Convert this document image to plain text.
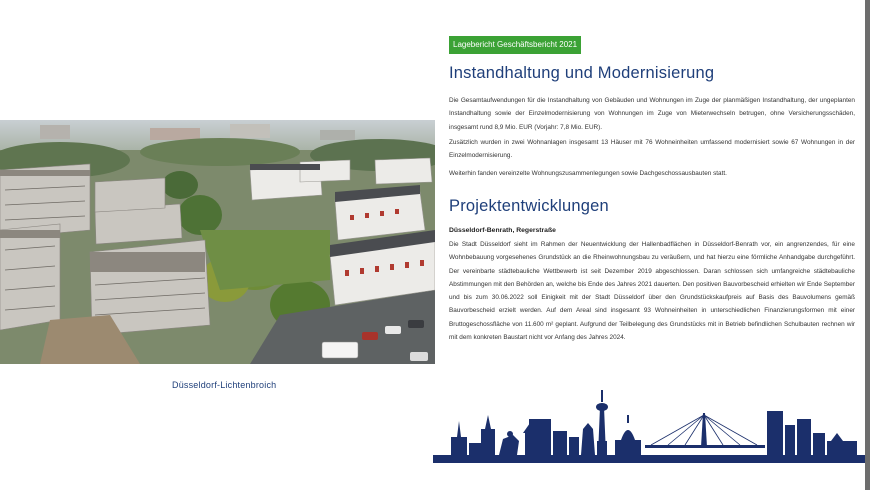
Düsseldorf-Lichtenbroich
Lagebericht Geschäftsbericht 2021
Instandhaltung und Modernisierung

Die Gesamtaufwendungen für die Instandhaltung von Gebäuden und Wohnungen im Zuge der planmäßigen Instandhaltung, der ungeplanten Instandhaltung sowie der Einzelmodernisierung von Wohnungen im Zuge von Mieterwechseln betrugen, ohne Versicherungsschäden, insgesamt rund 8,9 Mio. EUR (Vorjahr: 7,8 Mio. EUR).

Zusätzlich wurden in zwei Wohnanlagen insgesamt 13 Häuser mit 76 Wohneinheiten umfassend modernisiert sowie 67 Wohnungen in der Einzelmodernisierung.

Weiterhin fanden vereinzelte Wohnungszusammenlegungen sowie Dachgeschossausbauten statt.

Projektentwicklungen
Düsseldorf-Benrath, Regerstraße

Die Stadt Düsseldorf sieht im Rahmen der Neuentwicklung der Hallenbadflächen in Düsseldorf-Benrath vor, ein angrenzendes, für eine Wohnbebauung vorgesehenes Grundstück an die Rheinwohnungsbau zu veräußern, und hat hierzu eine förmliche Anhandgabe durchgeführt. Der vereinbarte städtebauliche Wettbewerb ist seit Dezember 2019 abgeschlossen. Daran schlossen sich umfangreiche städtebauliche Abstimmungen mit den Behörden an, welche bis Ende des Jahres 2021 dauerten. Den positiven Bauvorbescheid erhielten wir Ende September und bis zum 30.06.2022 soll Einigkeit mit der Stadt Düsseldorf über den Grundstückskaufpreis auf Basis des Bauvolumens gemäß Bauvorbescheid erzielt werden. Auf dem Areal sind insgesamt 93 Wohneinheiten in unterschiedlichen Finanzierungsformen mit einer Bruttogeschossfläche von 11.600 m² geplant. Aufgrund der Teilbelegung des Grundstücks mit in Betrieb befindlichen Schulbauten rechnen wir mit dem konkreten Baustart nicht vor Anfang des Jahres 2024.
